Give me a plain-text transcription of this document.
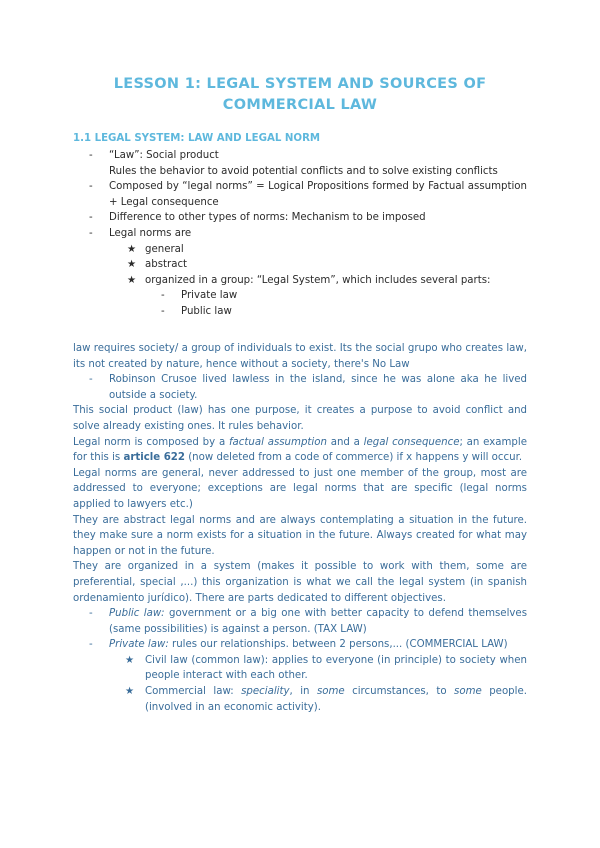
LESSON 1: LEGAL SYSTEM AND SOURCES OF
COMMERCIAL LAW
1.1 LEGAL SYSTEM: LAW AND LEGAL NORM
- “Law”: Social product
Rules the behavior to avoid potential conflicts and to solve existing conflicts
- Composed by “legal norms” = Logical Propositions formed by Factual assumption + Legal consequence
- Difference to other types of norms: Mechanism to be imposed
- Legal norms are
★ general
★ abstract
★ organized in a group: “Legal System”, which includes several parts:
- Private law
- Public law

law requires society/ a group of individuals to exist. Its the social grupo who creates law, its not created by nature, hence without a society, there's No Law

- Robinson Crusoe lived lawless in the island, since he was alone aka he lived outside a society.

This social product (law) has one purpose, it creates a purpose to avoid conflict and solve already existing ones. It rules behavior.

Legal norm is composed by a factual assumption and a legal consequence; an example for this is article 622 (now deleted from a code of commerce) if x happens y will occur.

Legal norms are general, never addressed to just one member of the group, most are addressed to everyone; exceptions are legal norms that are specific (legal norms applied to lawyers etc.)

They are abstract legal norms and are always contemplating a situation in the future. they make sure a norm exists for a situation in the future. Always created for what may happen or not in the future.

They are organized in a system (makes it possible to work with them, some are preferential, special ,...) this organization is what we call the legal system (in spanish ordenamiento jurídico). There are parts dedicated to different objectives.

- Public law: government or a big one with better capacity to defend themselves (same possibilities) is against a person. (TAX LAW)
- Private law: rules our relationships. between 2 persons,... (COMMERCIAL LAW)
★ Civil law (common law): applies to everyone (in principle) to society when people interact with each other.
★ Commercial law: speciality, in some circumstances, to some people. (involved in an economic activity).
